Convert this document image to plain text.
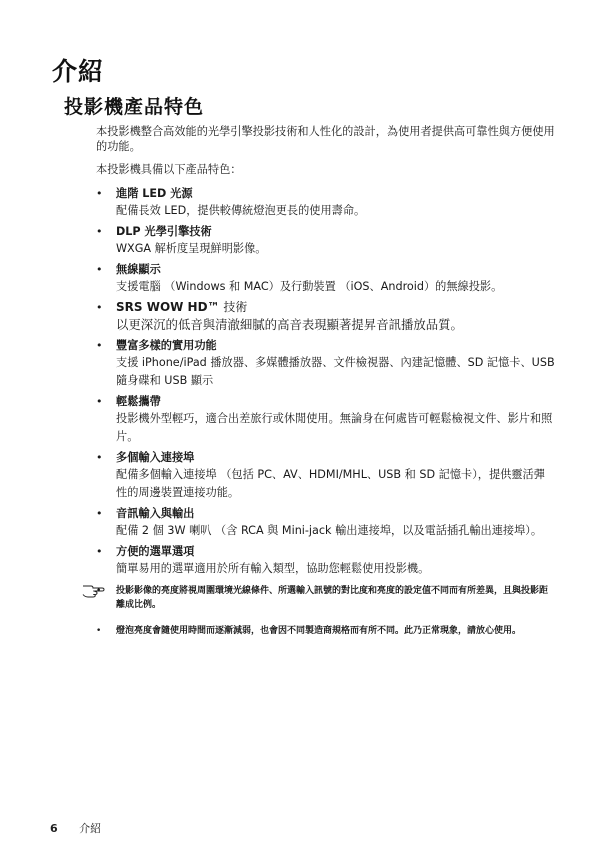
介紹
投影機產品特色

本投影機整合高效能的光學引擎投影技術和人性化的設計，為使用者提供高可靠性與方便使用的功能。

本投影機具備以下產品特色：

• 進階 LED 光源
配備長效 LED，提供較傳統燈泡更長的使用壽命。
• DLP 光學引擎技術
WXGA 解析度呈現鮮明影像。
• 無線顯示
支援電腦 （Windows 和 MAC）及行動裝置 （iOS、Android）的無線投影。
• SRS WOW HD™ 技術
以更深沉的低音與清澈細膩的高音表現顯著提昇音訊播放品質。
• 豐富多樣的實用功能
支援 iPhone/iPad 播放器、多媒體播放器、文件檢視器、內建記憶體、SD 記憶卡、USB 隨身碟和 USB 顯示
• 輕鬆攜帶
投影機外型輕巧，適合出差旅行或休閒使用。無論身在何處皆可輕鬆檢視文件、影片和照片。
• 多個輸入連接埠
配備多個輸入連接埠 （包括 PC、AV、HDMI/MHL、USB 和 SD 記憶卡），提供靈活彈性的周邊裝置連接功能。
• 音訊輸入與輸出
配備 2 個 3W 喇叭 （含 RCA 與 Mini-jack 輸出連接埠，以及電話插孔輸出連接埠）。
• 方便的選單選項
簡單易用的選單適用於所有輸入類型，協助您輕鬆使用投影機。
• 投影影像的亮度將視周圍環境光線條件、所選輸入訊號的對比度和亮度的設定值不同而有所差異，且與投影距離成比例。
• 燈泡亮度會隨使用時間而逐漸減弱，也會因不同製造商規格而有所不同。此乃正常現象，請放心使用。
6 介紹
